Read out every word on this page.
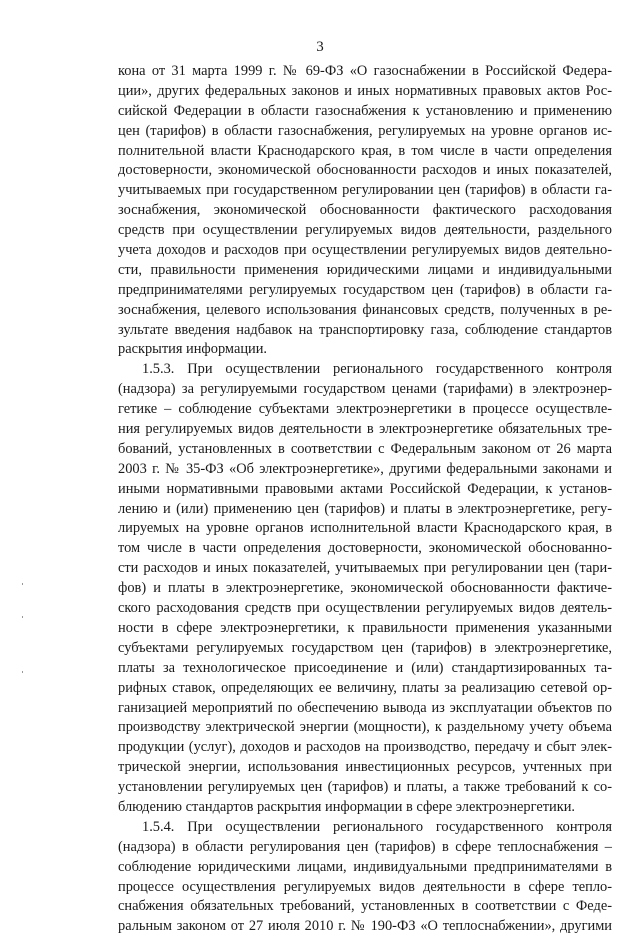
3
кона от 31 марта 1999 г. № 69-ФЗ «О газоснабжении в Российской Федера-
ции», других федеральных законов и иных нормативных правовых актов Рос-
сийской Федерации в области газоснабжения к установлению и применению
цен (тарифов) в области газоснабжения, регулируемых на уровне органов ис-
полнительной власти Краснодарского края, в том числе в части определения
достоверности, экономической обоснованности расходов и иных показателей,
учитываемых при государственном регулировании цен (тарифов) в области га-
зоснабжения, экономической обоснованности фактического расходования
средств при осуществлении регулируемых видов деятельности, раздельного
учета доходов и расходов при осуществлении регулируемых видов деятельно-
сти, правильности применения юридическими лицами и индивидуальными
предпринимателями регулируемых государством цен (тарифов) в области га-
зоснабжения, целевого использования финансовых средств, полученных в ре-
зультате введения надбавок на транспортировку газа, соблюдение стандартов
раскрытия информации.
1.5.3. При осуществлении регионального государственного контроля
(надзора) за регулируемыми государством ценами (тарифами) в электроэнер-
гетике – соблюдение субъектами электроэнергетики в процессе осуществле-
ния регулируемых видов деятельности в электроэнергетике обязательных тре-
бований, установленных в соответствии с Федеральным законом от 26 марта
2003 г. № 35-ФЗ «Об электроэнергетике», другими федеральными законами и
иными нормативными правовыми актами Российской Федерации, к установ-
лению и (или) применению цен (тарифов) и платы в электроэнергетике, регу-
лируемых на уровне органов исполнительной власти Краснодарского края, в
том числе в части определения достоверности, экономической обоснованно-
сти расходов и иных показателей, учитываемых при регулировании цен (тари-
фов) и платы в электроэнергетике, экономической обоснованности фактиче-
ского расходования средств при осуществлении регулируемых видов деятель-
ности в сфере электроэнергетики, к правильности применения указанными
субъектами регулируемых государством цен (тарифов) в электроэнергетике,
платы за технологическое присоединение и (или) стандартизированных та-
рифных ставок, определяющих ее величину, платы за реализацию сетевой ор-
ганизацией мероприятий по обеспечению вывода из эксплуатации объектов по
производству электрической энергии (мощности), к раздельному учету объема
продукции (услуг), доходов и расходов на производство, передачу и сбыт элек-
трической энергии, использования инвестиционных ресурсов, учтенных при
установлении регулируемых цен (тарифов) и платы, а также требований к со-
блюдению стандартов раскрытия информации в сфере электроэнергетики.
1.5.4. При осуществлении регионального государственного контроля
(надзора) в области регулирования цен (тарифов) в сфере теплоснабжения –
соблюдение юридическими лицами, индивидуальными предпринимателями в
процессе осуществления регулируемых видов деятельности в сфере тепло-
снабжения обязательных требований, установленных в соответствии с Феде-
ральным законом от 27 июля 2010 г. № 190-ФЗ «О теплоснабжении», другими
